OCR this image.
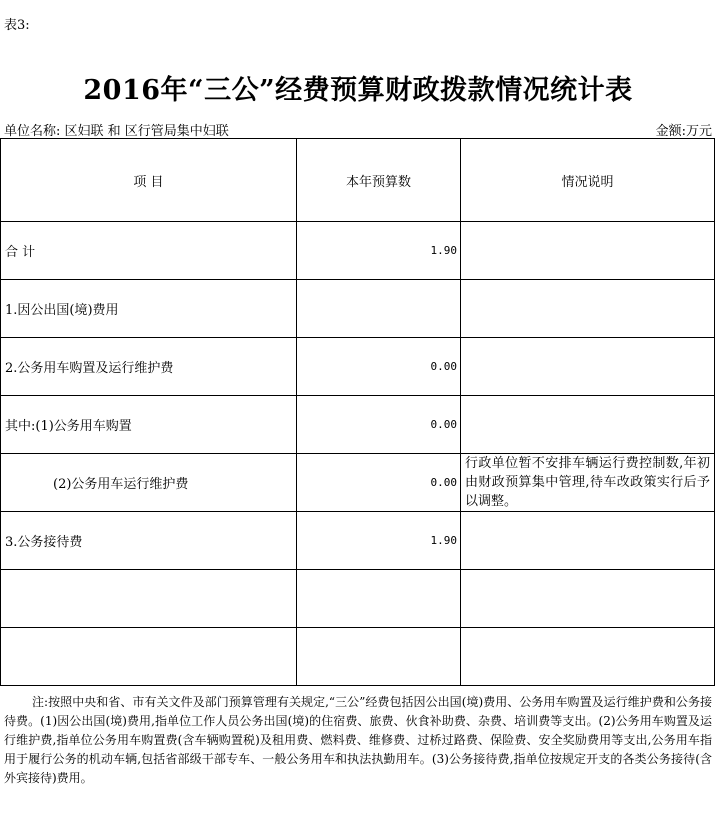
表3:
2016年“三公”经费预算财政拨款情况统计表
单位名称: 区妇联 和 区行管局集中妇联	金额:万元
项 目	本年预算数	情况说明
合 计	1.90	
1.因公出国(境)费用		
2.公务用车购置及运行维护费	0.00	
其中:(1)公务用车购置	0.00	
(2)公务用车运行维护费	0.00	行政单位暂不安排车辆运行费控制数,年初由财政预算集中管理,待车改政策实行后予以调整。
3.公务接待费	1.90	

注:按照中央和省、市有关文件及部门预算管理有关规定,“三公”经费包括因公出国(境)费用、公务用车购置及运行维护费和公务接待费。(1)因公出国(境)费用,指单位工作人员公务出国(境)的住宿费、旅费、伙食补助费、杂费、培训费等支出。(2)公务用车购置及运行维护费,指单位公务用车购置费(含车辆购置税)及租用费、燃料费、维修费、过桥过路费、保险费、安全奖励费用等支出,公务用车指用于履行公务的机动车辆,包括省部级干部专车、一般公务用车和执法执勤用车。(3)公务接待费,指单位按规定开支的各类公务接待(含外宾接待)费用。
